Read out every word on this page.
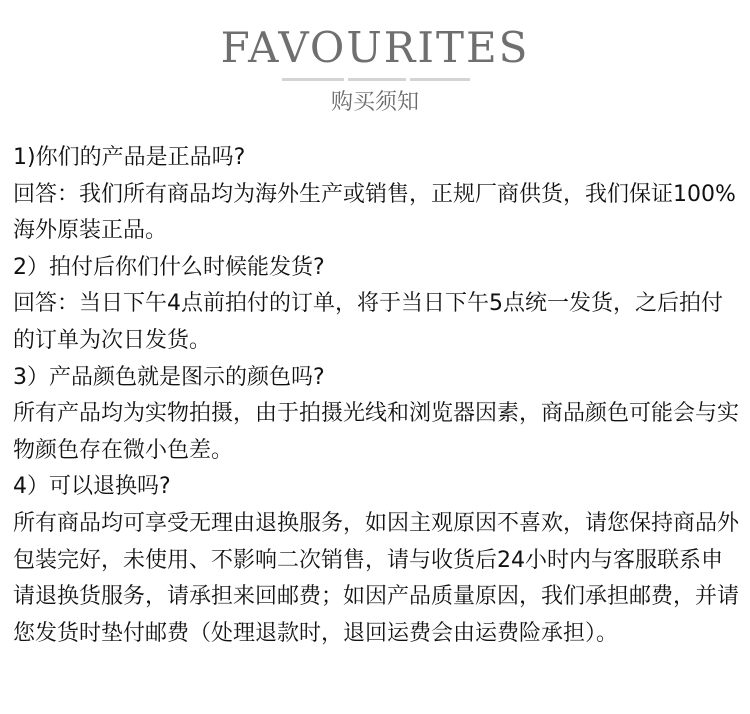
FAVOURITES
购买须知

1)你们的产品是正品吗?

回答：我们所有商品均为海外生产或销售，正规厂商供货，我们保证100%海外原装正品。

2）拍付后你们什么时候能发货?

回答：当日下午4点前拍付的订单，将于当日下午5点统一发货，之后拍付的订单为次日发货。

3）产品颜色就是图示的颜色吗?

所有产品均为实物拍摄，由于拍摄光线和浏览器因素，商品颜色可能会与实物颜色存在微小色差。

4）可以退换吗?

所有商品均可享受无理由退换服务，如因主观原因不喜欢，请您保持商品外包装完好，未使用、不影响二次销售，请与收货后24小时内与客服联系申请退换货服务，请承担来回邮费；如因产品质量原因，我们承担邮费，并请您发货时垫付邮费（处理退款时，退回运费会由运费险承担）。
